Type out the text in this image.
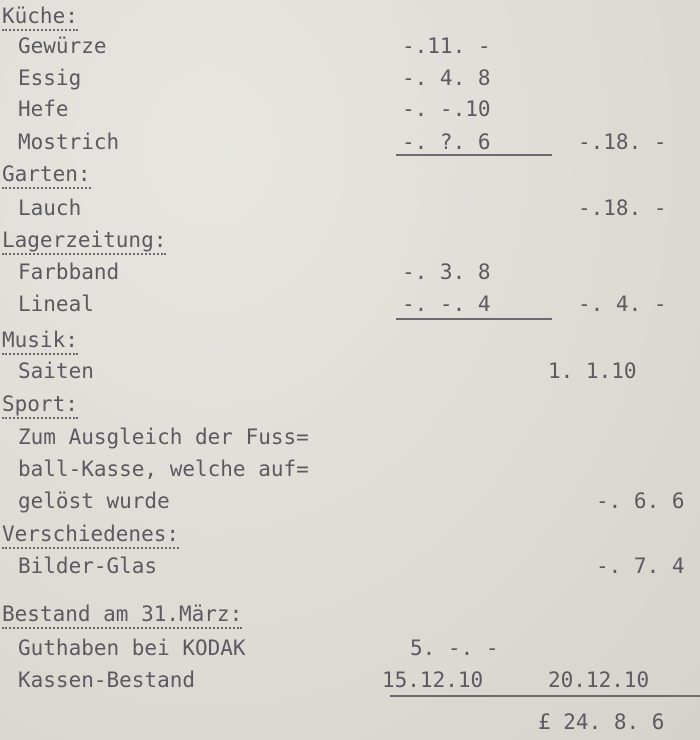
Küche:
Gewürze	-.11. -
Essig	-. 4. 8
Hefe	-. -.10
Mostrich	-. ?. 6	-.18. -
Garten:
Lauch	-.18. -
Lagerzeitung:
Farbband	-. 3. 8
Lineal	-. -. 4	-. 4. -
Musik:
Saiten	1. 1.10
Sport:
Zum Ausgleich der Fuss=
ball-Kasse, welche auf=
gelöst wurde	-. 6. 6
Verschiedenes:
Bilder-Glas	-. 7. 4
Bestand am 31.März:
Guthaben bei KODAK	5. -. -
Kassen-Bestand	15.12.10	20.12.10
£ 24. 8. 6
